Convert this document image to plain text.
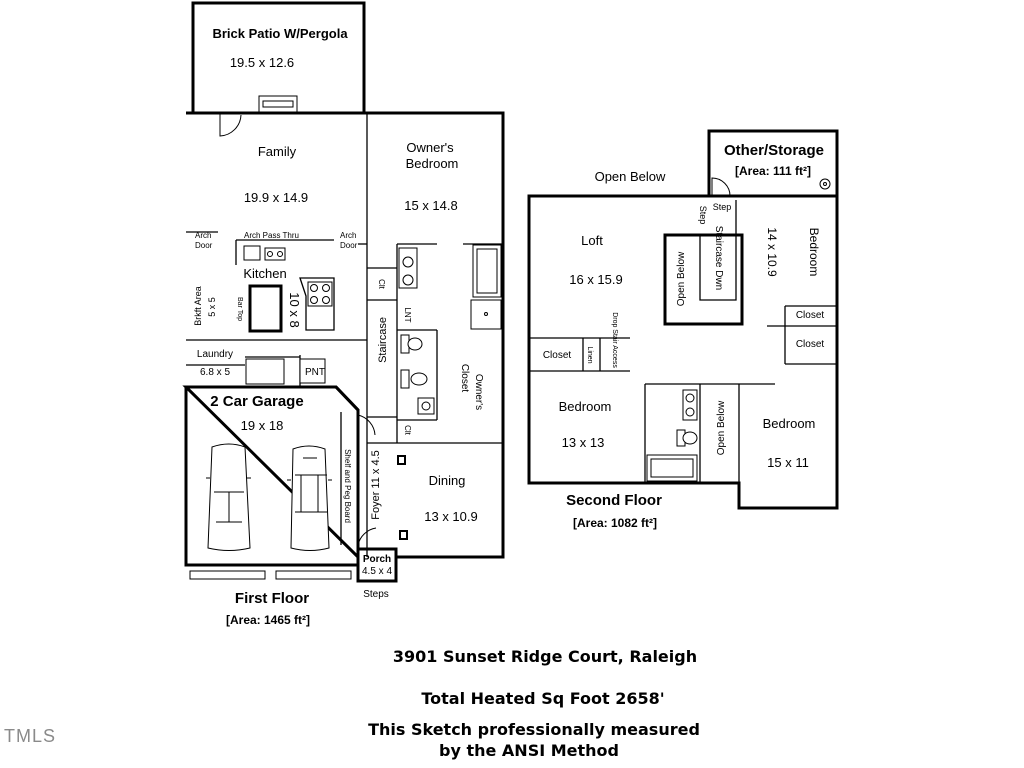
Brick Patio W/Pergola
19.5 x 12.6
Family
19.9 x 14.9
Owner's
Bedroom
15 x 14.8
Arch
Door
Arch Pass Thru	Arch
Door
Kitchen
10 x 8
Bar Top
Brkft Area 5 x 5
Laundry
6.8 x 5	PNT
Staircase
Clt
LNT
Owner's
Closet
Clt
2 Car Garage
19 x 18
Shelf and Peg Board Foyer 11 x 4.5	Dining
13 x 10.9
Porch
4.5 x 4
Steps
First Floor
[Area: 1465 ft²]
Open Below
Other/Storage
[Area: 111 ft²]
Step
Step
Loft
16 x 15.9	Open Below	Staircase Dwn	Bedroom
14 x 10.9
Closet
Closet
Closet Linen	Drop Stair Access
Bedroom
13 x 13	Open Below	Bedroom
15 x 11
Second Floor
[Area: 1082 ft²]
3901 Sunset Ridge Court, Raleigh
Total Heated Sq Foot 2658'
This Sketch professionally measured
by the ANSI Method
TMLS
